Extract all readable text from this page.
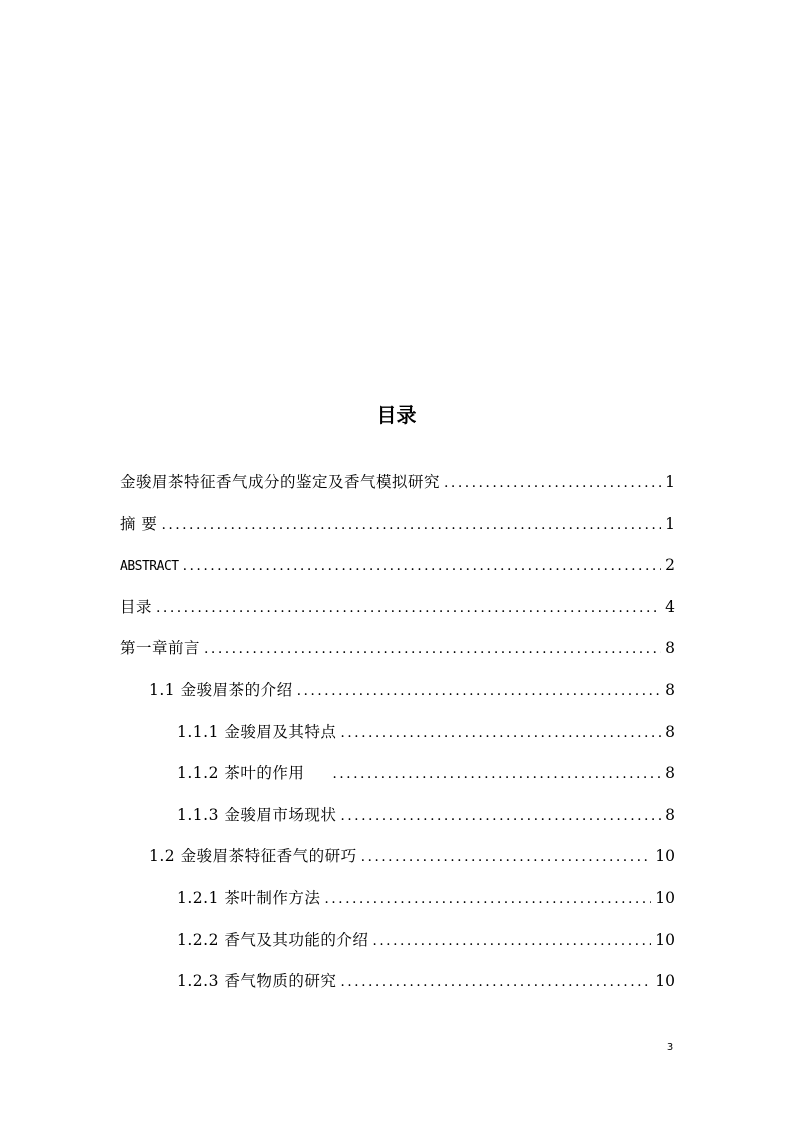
目录
金骏眉茶特征香气成分的鉴定及香气模拟研究 . . .	1
摘 要 . . .	1
ABSTRACT . . .	2
目录 . . .	4
第一章前言 . . .	8
1.1 金骏眉茶的介绍 . . .	8
1.1.1 金骏眉及其特点 . . .	8
1.1.2 茶叶的作用 . . .	8
1.1.3 金骏眉市场现状 . . .	8
1.2 金骏眉茶特征香气的研巧 . . .	10
1.2.1 茶叶制作方法 . . .	10
1.2.2 香气及其功能的介绍 . . .	10
1.2.3 香气物质的研究 . . .	10
3
